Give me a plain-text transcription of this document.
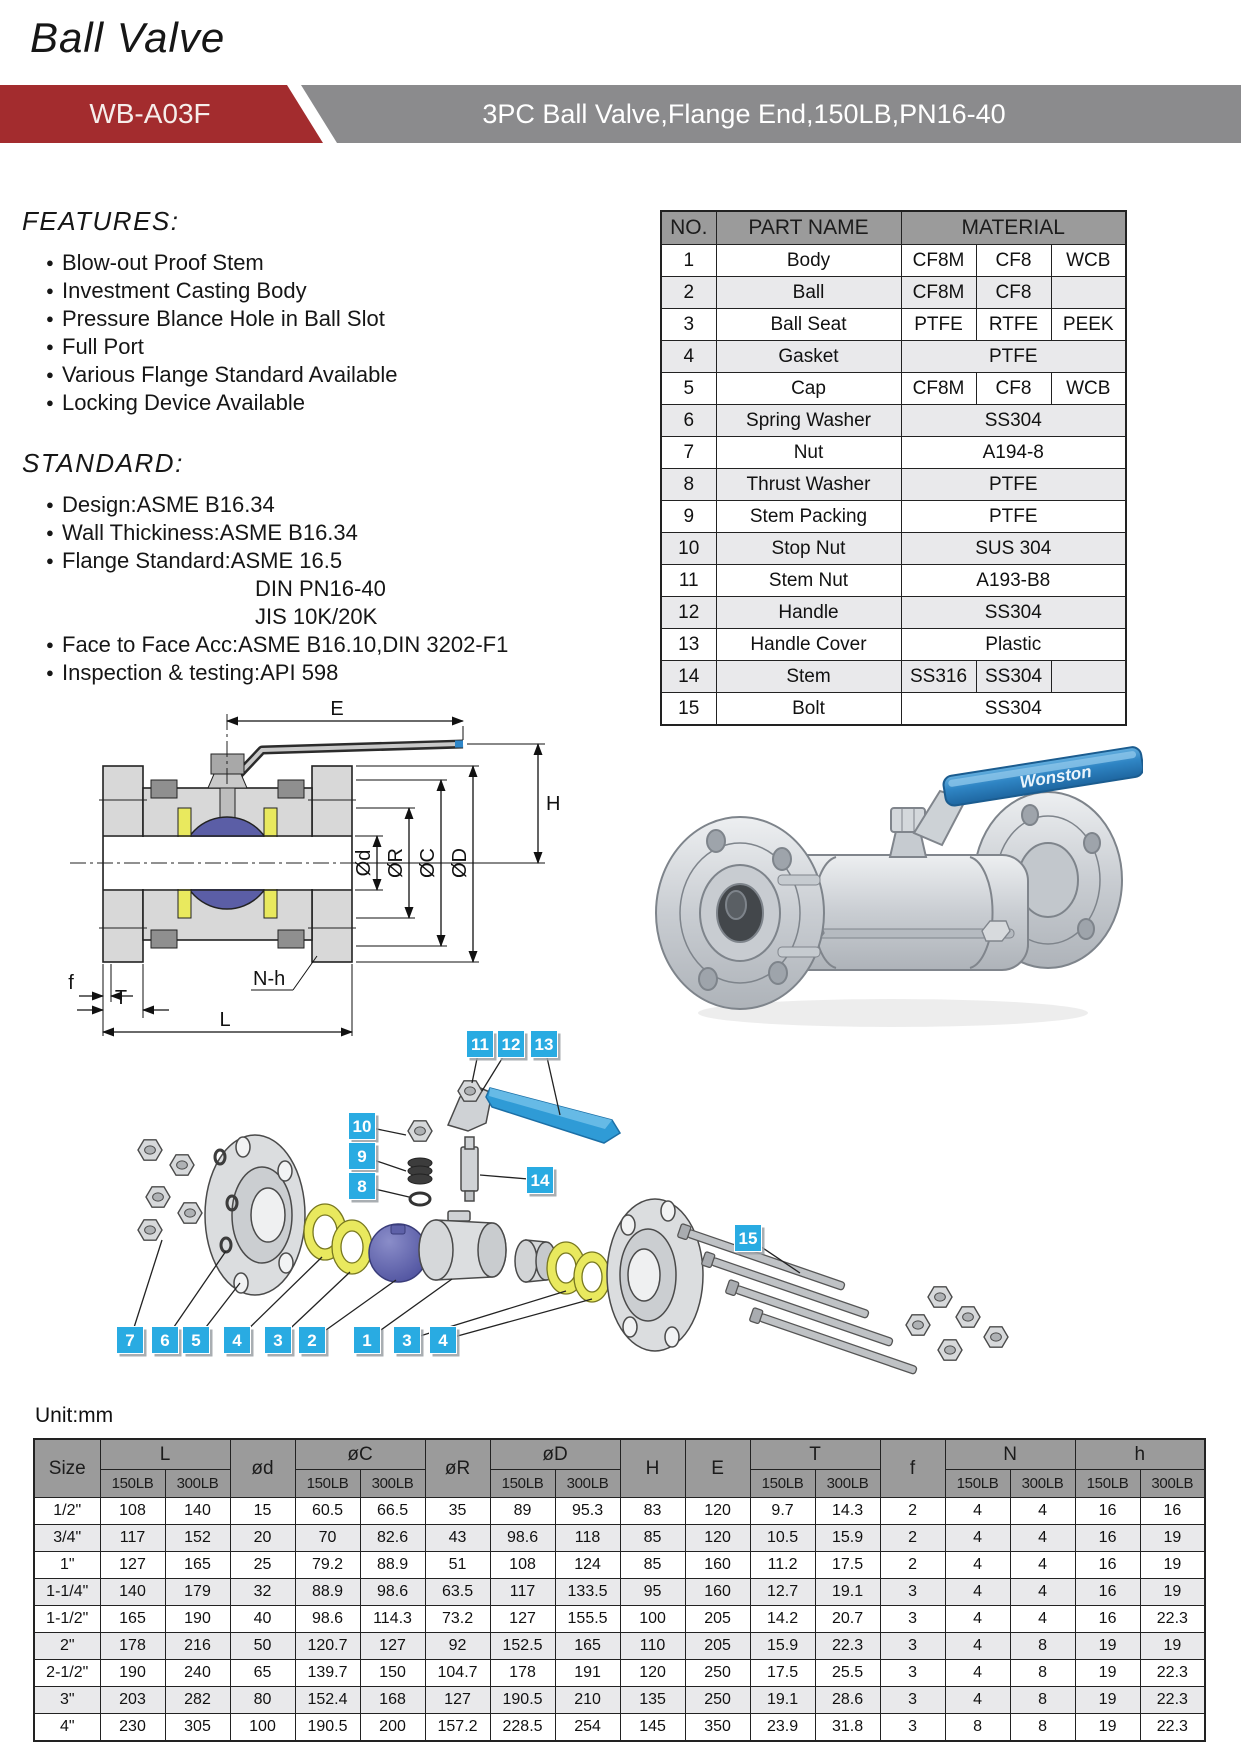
Ball Valve
WB-A03F	3PC Ball Valve,Flange End,150LB,PN16-40
FEATURES:
● Blow-out Proof Stem
● Investment Casting Body
● Pressure Blance Hole in Ball Slot
● Full Port
● Various Flange Standard Available
● Locking Device Available
STANDARD:
● Design:ASME B16.34
● Wall Thickiness:ASME B16.34
● Flange Standard:ASME 16.5
DIN PN16-40
JIS 10K/20K
● Face to Face Acc:ASME B16.10,DIN 3202-F1
● Inspection & testing:API 598
NO.	PART NAME	MATERIAL		
1	Body	CF8M	CF8	WCB
2	Ball	CF8M	CF8	
3	Ball Seat	PTFE	RTFE	PEEK
4	Gasket	PTFE		
5	Cap	CF8M	CF8	WCB
6	Spring Washer	SS304		
7	Nut	A194-8		
8	Thrust Washer	PTFE		
9	Stem Packing	PTFE		
10	Stop Nut	SUS 304		
11	Stem Nut	A193-B8		
12	Handle	SS304		
13	Handle Cover	Plastic		
14	Stem	SS316	SS304	
15	Bolt	SS304		
E
H
Ød ØR ØC ØD
f
T
L
N-h
Wonston
11 12 13
10
9
8	14
15
7 6 5 4 3 2	1 3 4
Unit:mm
Size	L		ød	øC		øR	øD		H	E	T		f	N		h	
	150LB	300LB		150LB	300LB		150LB	300LB			150LB	300LB		150LB	300LB	150LB	300LB
1/2"	108	140	15	60.5	66.5	35	89	95.3	83	120	9.7	14.3	2	4	4	16	16
3/4"	117	152	20	70	82.6	43	98.6	118	85	120	10.5	15.9	2	4	4	16	19
1"	127	165	25	79.2	88.9	51	108	124	85	160	11.2	17.5	2	4	4	16	19
1-1/4"	140	179	32	88.9	98.6	63.5	117	133.5	95	160	12.7	19.1	3	4	4	16	19
1-1/2"	165	190	40	98.6	114.3	73.2	127	155.5	100	205	14.2	20.7	3	4	4	16	22.3
2"	178	216	50	120.7	127	92	152.5	165	110	205	15.9	22.3	3	4	8	19	19
2-1/2"	190	240	65	139.7	150	104.7	178	191	120	250	17.5	25.5	3	4	8	19	22.3
3"	203	282	80	152.4	168	127	190.5	210	135	250	19.1	28.6	3	4	8	19	22.3
4"	230	305	100	190.5	200	157.2	228.5	254	145	350	23.9	31.8	3	8	8	19	22.3
